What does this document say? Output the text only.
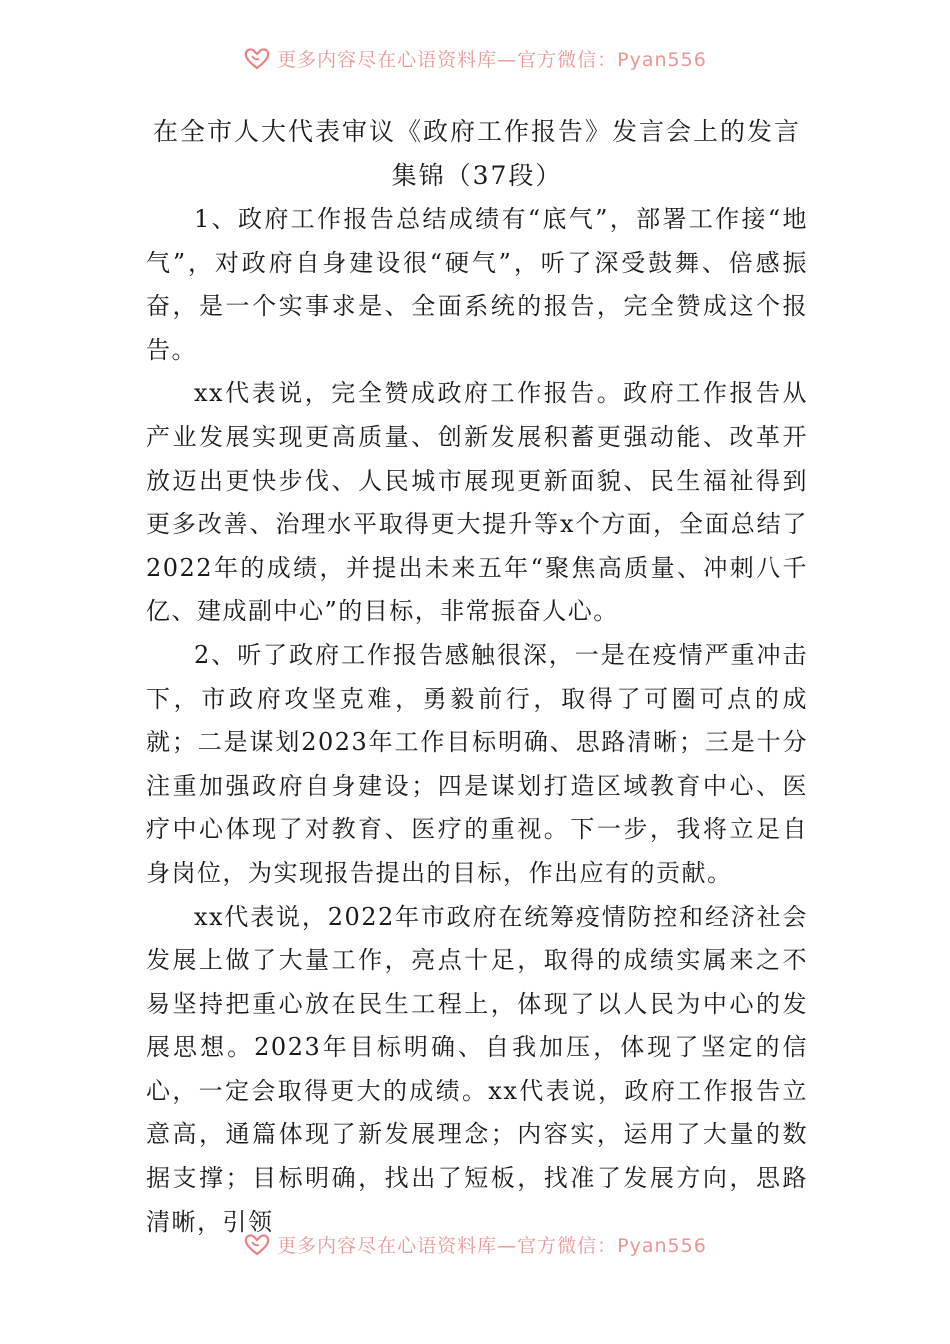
更多内容尽在心语资料库—官方微信：Pyan556
在全市人大代表审议《政府工作报告》发言会上的发言集锦（37段）

1、政府工作报告总结成绩有“底气”，部署工作接“地气”，对政府自身建设很“硬气”，听了深受鼓舞、倍感振奋，是一个实事求是、全面系统的报告，完全赞成这个报告。

xx代表说，完全赞成政府工作报告。政府工作报告从产业发展实现更高质量、创新发展积蓄更强动能、改革开放迈出更快步伐、人民城市展现更新面貌、民生福祉得到更多改善、治理水平取得更大提升等x个方面，全面总结了2022年的成绩，并提出未来五年“聚焦高质量、冲刺八千亿、建成副中心”的目标，非常振奋人心。

2、听了政府工作报告感触很深，一是在疫情严重冲击下，市政府攻坚克难，勇毅前行，取得了可圈可点的成就；二是谋划2023年工作目标明确、思路清晰；三是十分注重加强政府自身建设；四是谋划打造区域教育中心、医疗中心体现了对教育、医疗的重视。下一步，我将立足自身岗位，为实现报告提出的目标，作出应有的贡献。

xx代表说，2022年市政府在统筹疫情防控和经济社会发展上做了大量工作，亮点十足，取得的成绩实属来之不易坚持把重心放在民生工程上，体现了以人民为中心的发展思想。2023年目标明确、自我加压，体现了坚定的信心，一定会取得更大的成绩。xx代表说，政府工作报告立意高，通篇体现了新发展理念；内容实，运用了大量的数据支撑；目标明确，找出了短板，找准了发展方向，思路清晰，引领

更多内容尽在心语资料库—官方微信：Pyan556
